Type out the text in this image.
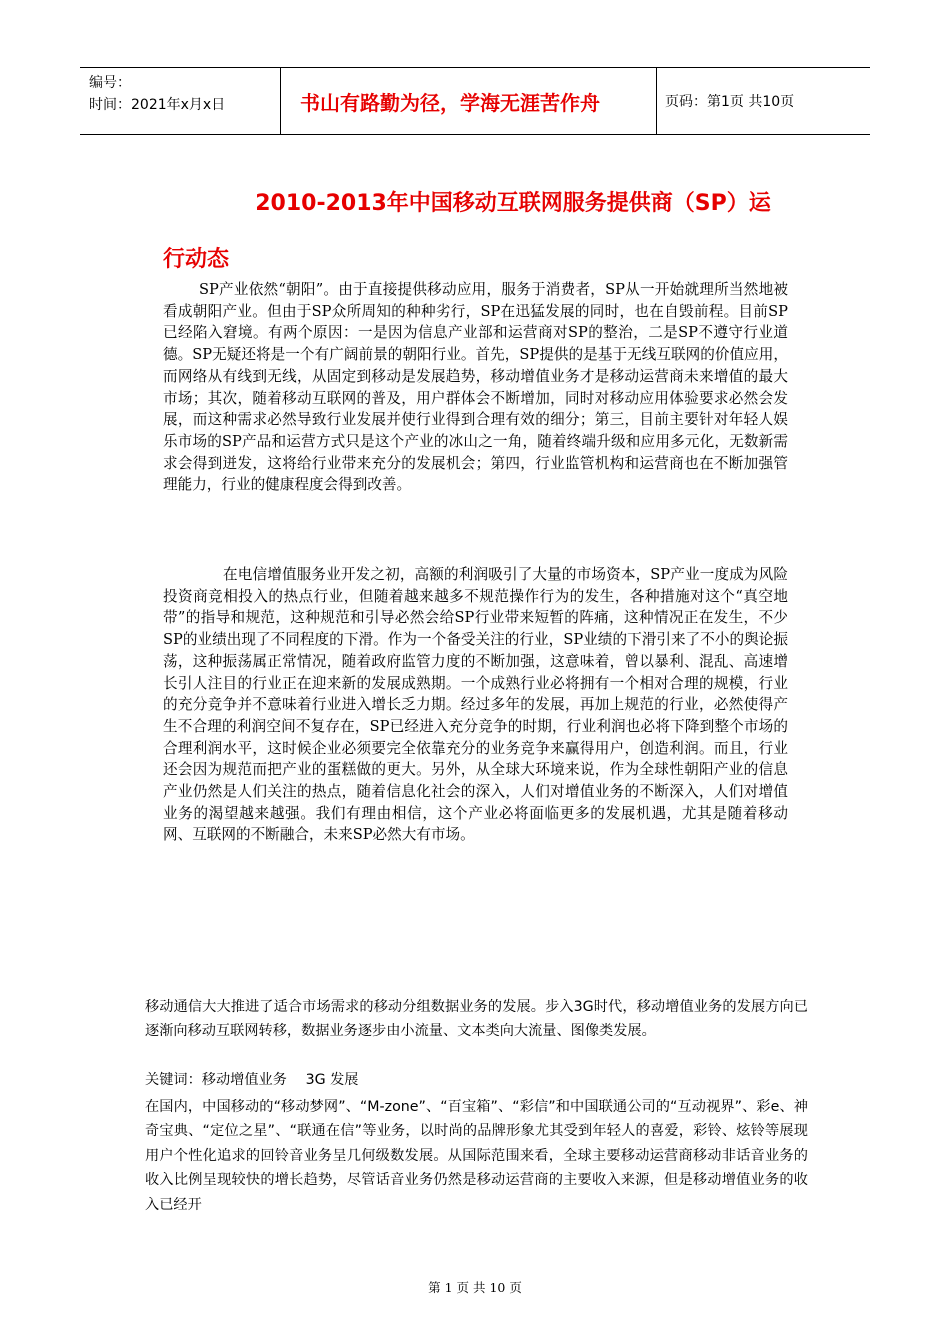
编号：
时间：2021年x月x日	书山有路勤为径，学海无涯苦作舟	页码：第1页 共10页
2010-2013年中国移动互联网服务提供商（SP）运
行动态

SP产业依然“朝阳”。由于直接提供移动应用，服务于消费者，SP从一开始就理所当然地被看成朝阳产业。但由于SP众所周知的种种劣行，SP在迅猛发展的同时，也在自毁前程。目前SP已经陷入窘境。有两个原因：一是因为信息产业部和运营商对SP的整治，二是SP不遵守行业道德。SP无疑还将是一个有广阔前景的朝阳行业。首先，SP提供的是基于无线互联网的价值应用，而网络从有线到无线，从固定到移动是发展趋势，移动增值业务才是移动运营商未来增值的最大市场；其次，随着移动互联网的普及，用户群体会不断增加，同时对移动应用体验要求必然会发展，而这种需求必然导致行业发展并使行业得到合理有效的细分；第三，目前主要针对年轻人娱乐市场的SP产品和运营方式只是这个产业的冰山之一角，随着终端升级和应用多元化，无数新需求会得到迸发，这将给行业带来充分的发展机会；第四，行业监管机构和运营商也在不断加强管理能力，行业的健康程度会得到改善。

在电信增值服务业开发之初，高额的利润吸引了大量的市场资本，SP产业一度成为风险投资商竞相投入的热点行业，但随着越来越多不规范操作行为的发生，各种措施对这个“真空地带”的指导和规范，这种规范和引导必然会给SP行业带来短暂的阵痛，这种情况正在发生，不少SP的业绩出现了不同程度的下滑。作为一个备受关注的行业，SP业绩的下滑引来了不小的舆论振荡，这种振荡属正常情况，随着政府监管力度的不断加强，这意味着，曾以暴利、混乱、高速增长引人注目的行业正在迎来新的发展成熟期。一个成熟行业必将拥有一个相对合理的规模，行业的充分竞争并不意味着行业进入增长乏力期。经过多年的发展，再加上规范的行业，必然使得产生不合理的利润空间不复存在，SP已经进入充分竞争的时期，行业利润也必将下降到整个市场的合理利润水平，这时候企业必须要完全依靠充分的业务竞争来赢得用户，创造利润。而且，行业还会因为规范而把产业的蛋糕做的更大。另外，从全球大环境来说，作为全球性朝阳产业的信息产业仍然是人们关注的热点，随着信息化社会的深入，人们对增值业务的不断深入，人们对增值业务的渴望越来越强。我们有理由相信，这个产业必将面临更多的发展机遇，尤其是随着移动网、互联网的不断融合，未来SP必然大有市场。

移动通信大大推进了适合市场需求的移动分组数据业务的发展。步入3G时代，移动增值业务的发展方向已逐渐向移动互联网转移，数据业务逐步由小流量、文本类向大流量、图像类发展。

关键词：移动增值业务　 3G 发展

在国内，中国移动的“移动梦网”、“M-zone”、“百宝箱”、“彩信”和中国联通公司的“互动视界”、彩e、神奇宝典、“定位之星”、“联通在信”等业务，以时尚的品牌形象尤其受到年轻人的喜爱，彩铃、炫铃等展现用户个性化追求的回铃音业务呈几何级数发展。从国际范围来看，全球主要移动运营商移动非话音业务的收入比例呈现较快的增长趋势，尽管话音业务仍然是移动运营商的主要收入来源，但是移动增值业务的收入已经开

第 1 页 共 10 页
